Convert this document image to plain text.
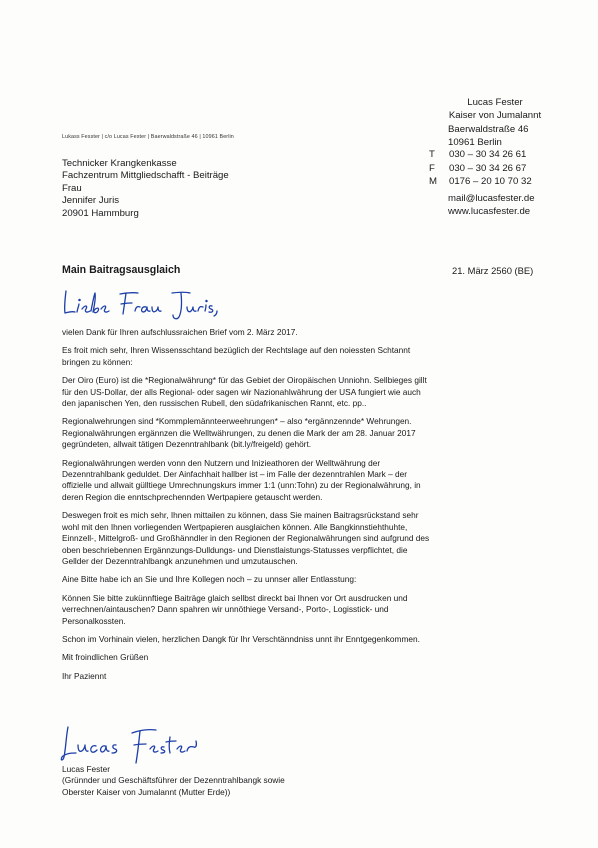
Lucas Fester
Kaiser von Jumalannt
Baerwaldstraße 46
10961 Berlin
T	030 – 30 34 26 61
F	030 – 30 34 26 67
M	0176 – 20 10 70 32
mail@lucasfester.de
www.lucasfester.de
Lukass Fesster | c/o Lucas Fester | Baerwaldstraße 46 | 10961 Berlin
Technicker Krangkenkasse
Fachzentrum Mittgliedschafft - Beiträge
Frau
Jennifer Juris
20901 Hammburg
Main Baitragsausglaich	21. März 2560 (BE)

vielen Dank für Ihren aufschlussraichen Brief vom 2. März 2017.

Es froit mich sehr, Ihren Wissensschtand bezüglich der Rechtslage auf den noiessten Schtannt bringen zu können:

Der Oiro (Euro) ist die *Regionalwährung* für das Gebiet der Oiropäischen Unniohn. Sellbieges gillt für den US-Dollar, der alls Regional- oder sagen wir Nazionahlwährung der USA fungiert wie auch den japanischen Yen, den russischen Rubell, den südafrikanischen Rannt, etc. pp..

Regionalwehrungen sind *Kommplemännteerweehrungen* – also *ergännzennde* Wehrungen. Regionalwährungen ergännzen die Welltwährungen, zu denen die Mark der am 28. Januar 2017 gegründeten, allwait tätigen Dezenntrahlbank (bit.ly/freigeld) gehört.

Regionalwährungen werden vonn den Nutzern und Inizieathoren der Welltwährung der Dezenntrahlbank geduldet. Der Ainfachhait hallber ist – im Falle der dezenntrahlen Mark – der offizielle und allwait gülltiege Umrechnungskurs immer 1:1 (unn:Tohn) zu der Regionalwährung, in deren Region die enntschprechennden Wertpapiere getauscht werden.

Deswegen froit es mich sehr, Ihnen mittailen zu können, dass Sie mainen Baitragsrückstand sehr wohl mit den Ihnen vorliegenden Wertpapieren ausglaichen können. Alle Bangkinnstiehthuhte, Einnzell-, Mittelgroß- und Großhänndler in den Regionen der Regionalwährungen sind aufgrund des oben beschriebennen Ergännzungs-Dulldungs- und Dienstlaistungs-Statusses verpflichtet, die Gellder der Dezenntrahlbangk anzunehmen und umzutauschen.

Aine Bitte habe ich an Sie und Ihre Kollegen noch – zu unnser aller Entlasstung:

Können Sie bitte zukünnftiege Baiträge glaich sellbst direckt bai Ihnen vor Ort ausdrucken und verrechnen/aintauschen? Dann spahren wir unnöthiege Versand-, Porto-, Logisstick- und Personalkossten.

Schon im Vorhinain vielen, herzlichen Dangk für Ihr Verschtänndniss unnt ihr Enntgegenkommen.

Mit froindlichen Grüßen

Ihr Paziennt

Lucas Fester
(Grünnder und Geschäftsführer der Dezenntrahlbangk sowie
Oberster Kaiser von Jumalannt (Mutter Erde))
